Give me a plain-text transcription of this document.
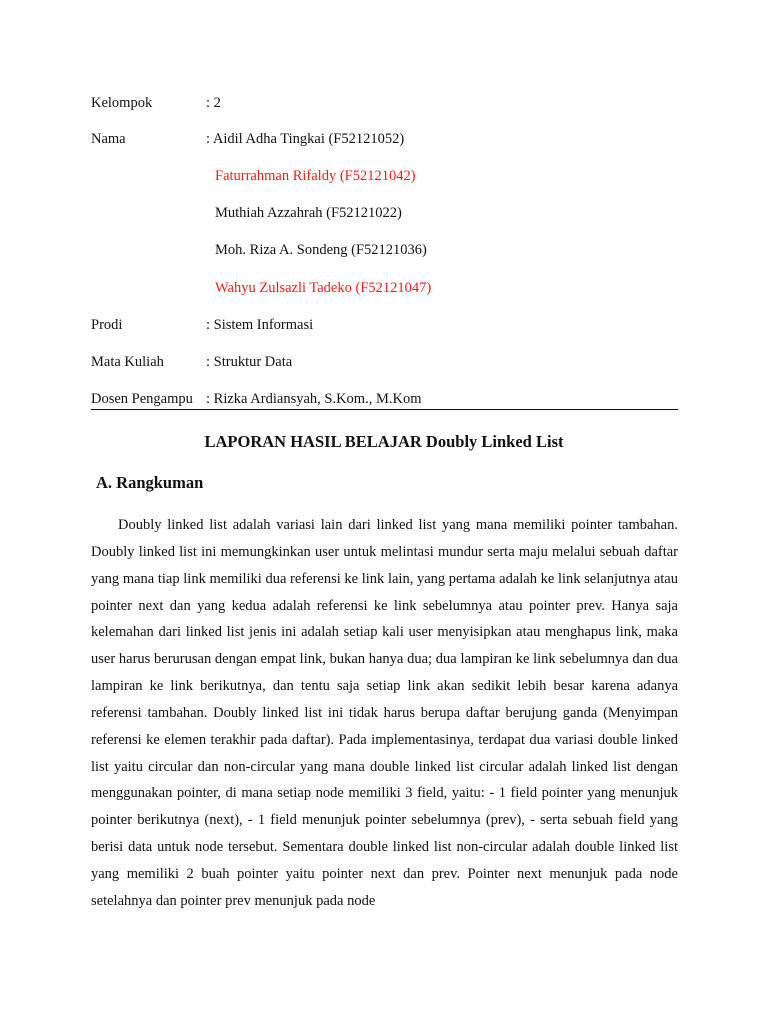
Kelompok	: 2
Nama	: Aidil Adha Tingkai (F52121052)
Faturrahman Rifaldy (F52121042)
Muthiah Azzahrah (F52121022)
Moh. Riza A. Sondeng (F52121036)
Wahyu Zulsazli Tadeko (F52121047)
Prodi	: Sistem Informasi
Mata Kuliah	: Struktur Data
Dosen Pengampu : Rizka Ardiansyah, S.Kom., M.Kom
LAPORAN HASIL BELAJAR Doubly Linked List
A. Rangkuman

Doubly linked list adalah variasi lain dari linked list yang mana memiliki pointer tambahan. Doubly linked list ini memungkinkan user untuk melintasi mundur serta maju melalui sebuah daftar yang mana tiap link memiliki dua referensi ke link lain, yang pertama adalah ke link selanjutnya atau pointer next dan yang kedua adalah referensi ke link sebelumnya atau pointer prev. Hanya saja kelemahan dari linked list jenis ini adalah setiap kali user menyisipkan atau menghapus link, maka user harus berurusan dengan empat link, bukan hanya dua; dua lampiran ke link sebelumnya dan dua lampiran ke link berikutnya, dan tentu saja setiap link akan sedikit lebih besar karena adanya referensi tambahan. Doubly linked list ini tidak harus berupa daftar berujung ganda (Menyimpan referensi ke elemen terakhir pada daftar). Pada implementasinya, terdapat dua variasi double linked list yaitu circular dan non-circular yang mana double linked list circular adalah linked list dengan menggunakan pointer, di mana setiap node memiliki 3 field, yaitu: - 1 field pointer yang menunjuk pointer berikutnya (next), - 1 field menunjuk pointer sebelumnya (prev), - serta sebuah field yang berisi data untuk node tersebut. Sementara double linked list non-circular adalah double linked list yang memiliki 2 buah pointer yaitu pointer next dan prev. Pointer next menunjuk pada node setelahnya dan pointer prev menunjuk pada node
